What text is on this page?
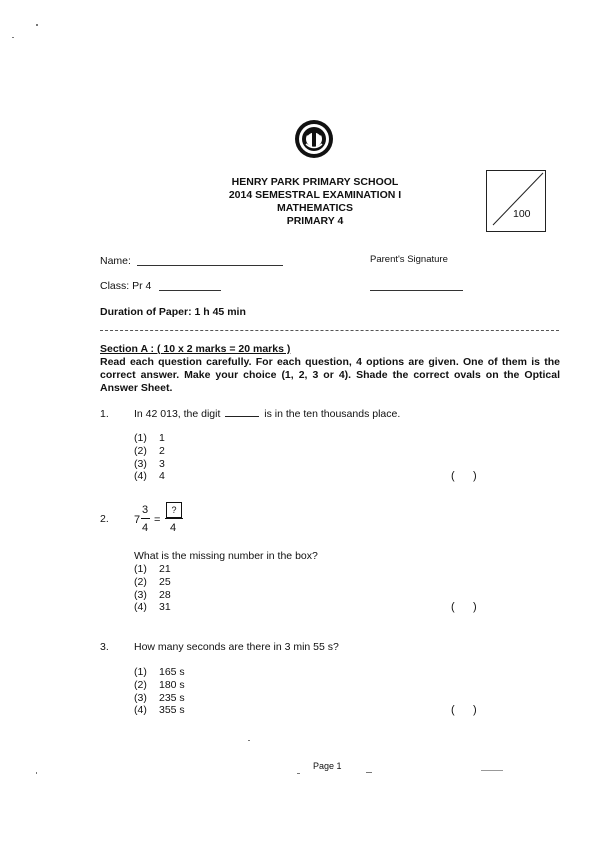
HENRY PARK PRIMARY SCHOOL
2014 SEMESTRAL EXAMINATION I
MATHEMATICS
PRIMARY 4
100
Name:	Parent's Signature
Class: Pr 4
Duration of Paper: 1 h 45 min
Section A : ( 10 x 2 marks = 20 marks )
Read each question carefully. For each question, 4 options are given. One of them is the correct answer. Make your choice (1, 2, 3 or 4). Shade the correct ovals on the Optical Answer Sheet.
1. In 42 013, the digit	is in the ten thousands place.
(1)	1
(2)	2
(3)	3
(4)	4	(      )
2. 7
3
4
=
?
4
What is the missing number in the box?
(1)	21
(2)	25
(3)	28
(4)	31	(      )
3. How many seconds are there in 3 min 55 s?
(1)	165 s
(2)	180 s
(3)	235 s
(4)	355 s	(      )
Page 1
